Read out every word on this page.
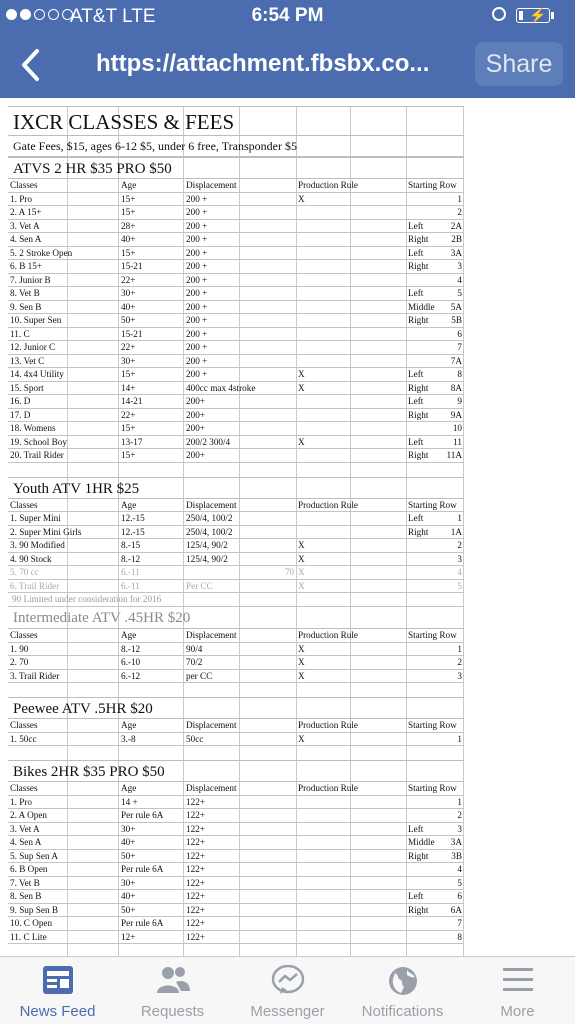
AT&T LTE	6:54 PM	⚡
https://attachment.fbsbx.co...	Share
IXCR CLASSES & FEES
Gate Fees, $15, ages 6-12 $5, under 6 free, Transponder $5
ATVS 2 HR $35 PRO $50
Classes	Age	Displacement	Production Rule	Starting Row
1. Pro	15+	200 +	X	1

2. A 15+	15+	200 +		2

3. Vet A	28+	200 +		Left 2A

4. Sen A	40+	200 +		Right 2B

5. 2 Stroke Open	15+	200 +		Left 3A

6. B 15+	15-21	200 +		Right 3

7. Junior B	22+	200 +		4

8. Vet B	30+	200 +		Left 5

9. Sen B	40+	200 +		Middle 5A

10. Super Sen	50+	200 +		Right 5B

11. C	15-21	200 +		6

12. Junior C	22+	200 +		7

13. Vet C	30+	200 +		7A

14. 4x4 Utility	15+	200 +	X	Left 8

15. Sport	14+	400cc max 4stroke	X	Right 8A

16. D	14-21	200+		Left 9

17. D	22+	200+		Right 9A

18. Womens	15+	200+		10

19. School Boy	13-17	200/2 300/4	X	Left 11

20. Trail Rider	15+	200+		Right 11A
Youth ATV 1HR $25
Classes	Age	Displacement	Production Rule	Starting Row
1. Super Mini	12.-15	250/4, 100/2		Left 1

2. Super Mini Girls	12.-15	250/4, 100/2		Right 1A

3. 90 Modified	8.-15	125/4, 90/2	X	2

4. 90 Stock	8.-12	125/4, 90/2	X	3

5. 70 cc	6.-11	70	X	4

6. Trail Rider	6.-11	Per CC	X	5
90 Limited under consideration for 2016
Intermediate ATV .45HR $20
Classes	Age	Displacement	Production Rule	Starting Row
1. 90	8.-12	90/4	X	1

2. 70	6.-10	70/2	X	2

3. Trail Rider	6.-12	per CC	X	3
Peewee ATV .5HR $20
Classes	Age	Displacement	Production Rule	Starting Row
1. 50cc	3.-8	50cc	X	1
Bikes 2HR $35 PRO $50
Classes	Age	Displacement	Production Rule	Starting Row
1. Pro	14 +	122+		1

2. A Open	Per rule 6A	122+		2

3. Vet A	30+	122+		Left 3

4. Sen A	40+	122+		Middle 3A

5. Sup Sen A	50+	122+		Right 3B

6. B Open	Per rule 6A	122+		4

7. Vet B	30+	122+		5

8. Sen B	40+	122+		Left 6

9. Sup Sen B	50+	122+		Right 6A

10. C Open	Per rule 6A	122+		7

11. C Lite	12+	122+		8
News Feed	Requests	Messenger	Notifications	More
